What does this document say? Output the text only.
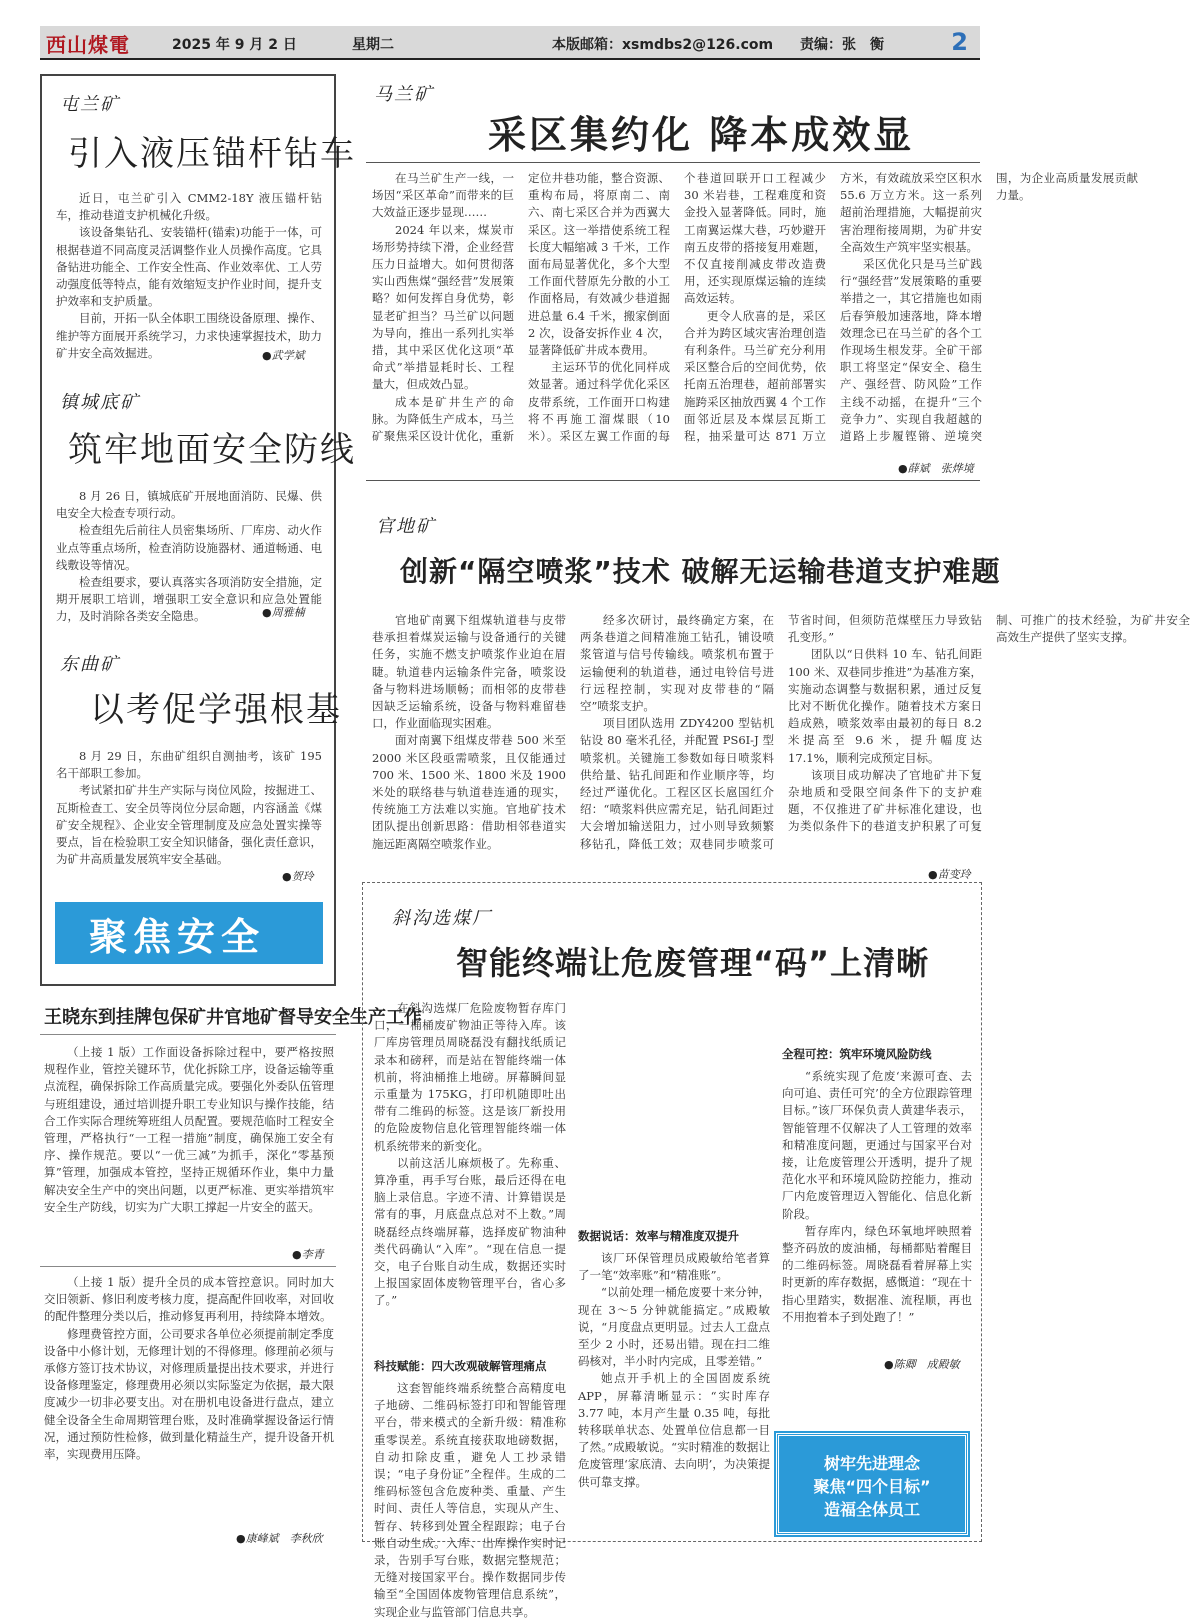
西山煤電	2025 年 9 月 2 日	星期二	本版邮箱：xsmdbs2@126.com 责编：张　衡	2
屯兰矿
引入液压锚杆钻车

近日，屯兰矿引入 CMM2-18Y 液压锚杆钻车，推动巷道支护机械化升级。

该设备集钻孔、安装锚杆(锚索)功能于一体，可根据巷道不同高度灵活调整作业人员操作高度。它具备钻进功能全、工作安全性高、作业效率优、工人劳动强度低等特点，能有效缩短支护作业时间，提升支护效率和支护质量。

目前，开拓一队全体职工围绕设备原理、操作、维护等方面展开系统学习，力求快速掌握技术，助力矿井安全高效掘进。	●武学斌
镇城底矿
筑牢地面安全防线

8 月 26 日，镇城底矿开展地面消防、民爆、供电安全大检查专项行动。

检查组先后前往人员密集场所、厂库房、动火作业点等重点场所，检查消防设施器材、通道畅通、电线敷设等情况。

检查组要求，要认真落实各项消防安全措施，定期开展职工培训，增强职工安全意识和应急处置能力，及时消除各类安全隐患。	●周雅楠
东曲矿
以考促学强根基

8 月 29 日，东曲矿组织自测抽考，该矿 195 名干部职工参加。

考试紧扣矿井生产实际与岗位风险，按掘进工、瓦斯检查工、安全员等岗位分层命题，内容涵盖《煤矿安全规程》、企业安全管理制度及应急处置实操等要点，旨在检验职工安全知识储备，强化责任意识，为矿井高质量发展筑牢安全基础。

●贺玲
聚焦安全
王晓东到挂牌包保矿井官地矿督导安全生产工作

（上接 1 版）工作面设备拆除过程中，要严格按照规程作业，管控关键环节，优化拆除工序，设备运输等重点流程，确保拆除工作高质量完成。要强化外委队伍管理与班组建设，通过培训提升职工专业知识与操作技能，结合工作实际合理统筹班组人员配置。要规范临时工程安全管理，严格执行“一工程一措施”制度，确保施工安全有序、操作规范。要以“一优三减”为抓手，深化“零基预算”管理，加强成本管控，坚持正规循环作业，集中力量解决安全生产中的突出问题，以更严标准、更实举措筑牢安全生产防线，切实为广大职工撑起一片安全的蓝天。

●李青

（上接 1 版）提升全员的成本管控意识。同时加大交旧领新、修旧利废考核力度，提高配件回收率，对回收的配件整理分类以后，推动修复再利用，持续降本增效。

修理费管控方面，公司要求各单位必须提前制定季度设备中小修计划，无修理计划的不得修理。修理前必须与承修方签订技术协议，对修理质量提出技术要求，并进行设备修理鉴定，修理费用必须以实际鉴定为依据，最大限度减少一切非必要支出。对在册机电设备进行盘点，建立健全设备全生命周期管理台账，及时准确掌握设备运行情况，通过预防性检修，做到量化精益生产，提升设备开机率，实现费用压降。

●康峰斌　李秋欣
马兰矿
采区集约化 降本成效显

在马兰矿生产一线，一场因“采区革命”而带来的巨大效益正逐步显现……

2024 年以来，煤炭市场形势持续下滑，企业经营压力日益增大。如何贯彻落实山西焦煤“强经营”发展策略？如何发挥自身优势，彰显老矿担当？马兰矿以问题为导向，推出一系列扎实举措，其中采区优化这项“革命式”举措显耗时长、工程量大，但成效凸显。

成本是矿井生产的命脉。为降低生产成本，马兰矿聚焦采区设计优化，重新定位井巷功能，整合资源、重构布局，将原南二、南六、南七采区合并为西翼大采区。这一举措使系统工程长度大幅缩减 3 千米，工作面布局显著优化，多个大型工作面代替原先分散的小工作面格局，有效减少巷道掘进总量 6.4 千米，搬家倒面 2 次，设备安拆作业 4 次，显著降低矿井成本费用。

主运环节的优化同样成效显著。通过科学优化采区皮带系统，工作面开口构建将不再施工溜煤眼（10 米）。采区左翼工作面的每个巷道回联开口工程减少 30 米岩巷，工程难度和资金投入显著降低。同时，施工南翼运煤大巷，巧妙避开南五皮带的搭接复用难题，不仅直接削减皮带改造费用，还实现原煤运输的连续高效运转。

更令人欣喜的是，采区合并为跨区域灾害治理创造有利条件。马兰矿充分利用采区整合后的空间优势，依托南五治理巷，超前部署实施跨采区抽放西翼 4 个工作面邻近层及本煤层瓦斯工程，抽采量可达 871 万立方米，有效疏放采空区积水 55.6 万立方米。这一系列超前治理措施，大幅提前灾害治理衔接周期，为矿井安全高效生产筑牢坚实根基。

采区优化只是马兰矿践行“强经营”发展策略的重要举措之一，其它措施也如雨后春笋般加速落地，降本增效理念已在马兰矿的各个工作现场生根发芽。全矿干部职工将坚定“保安全、稳生产、强经营、防风险”工作主线不动摇，在提升“三个竞争力”、实现自我超越的道路上步履铿锵、逆境突围，为企业高质量发展贡献力量。

●薛斌　张烨境
官地矿
创新“隔空喷浆”技术 破解无运输巷道支护难题

官地矿南翼下组煤轨道巷与皮带巷承担着煤炭运输与设备通行的关键任务，实施不燃支护喷浆作业迫在眉睫。轨道巷内运输条件完备，喷浆设备与物料进场顺畅；而相邻的皮带巷因缺乏运输系统，设备与物料难留巷口，作业面临现实困难。

面对南翼下组煤皮带巷 500 米至 2000 米区段亟需喷浆，且仅能通过 700 米、1500 米、1800 米及 1900 米处的联络巷与轨道巷连通的现实，传统施工方法难以实施。官地矿技术团队提出创新思路：借助相邻巷道实施远距离隔空喷浆作业。

经多次研讨，最终确定方案，在两条巷道之间精准施工钻孔，铺设喷浆管道与信号传输线。喷浆机布置于运输便利的轨道巷，通过电铃信号进行远程控制，实现对皮带巷的“隔空”喷浆支护。

项目团队选用 ZDY4200 型钻机钻设 80 毫米孔径，并配置 PS6I-J 型喷浆机。关键施工参数如每日喷浆料供给量、钻孔间距和作业顺序等，均经过严谨优化。工程区区长扈国红介绍：“喷浆料供应需充足，钻孔间距过大会增加输送阻力，过小则导致频繁移钻孔，降低工效；双巷同步喷浆可节省时间，但须防范煤壁压力导致钻孔变形。”

团队以“日供料 10 车、钻孔间距 100 米、双巷同步推进”为基准方案，实施动态调整与数据积累，通过反复比对不断优化操作。随着技术方案日趋成熟，喷浆效率由最初的每日 8.2 米提高至 9.6 米，提升幅度达 17.1%，顺利完成预定目标。

该项目成功解决了官地矿井下复杂地质和受限空间条件下的支护难题，不仅推进了矿井标准化建设，也为类似条件下的巷道支护积累了可复制、可推广的技术经验，为矿井安全高效生产提供了坚实支撑。

●苗变玲
斜沟选煤厂
智能终端让危废管理“码”上清晰

在斜沟选煤厂危险废物暂存库门口，一桶桶废矿物油正等待入库。该厂库房管理员周晓磊没有翻找纸质记录本和磅秤，而是站在智能终端一体机前，将油桶推上地磅。屏幕瞬间显示重量为 175KG，打印机随即吐出带有二维码的标签。这是该厂新投用的危险废物信息化管理智能终端一体机系统带来的新变化。

以前这活儿麻烦极了。先称重、算净重，再手写台账，最后还得在电脑上录信息。字迹不清、计算错误是常有的事，月底盘点总对不上数。”周晓磊经点终端屏幕，选择废矿物油种类代码确认“入库”。“现在信息一提交，电子台账自动生成，数据还实时上报国家固体废物管理平台，省心多了。”

科技赋能：四大改观破解管理痛点

这套智能终端系统整合高精度电子地磅、二维码标签打印和智能管理平台，带来模式的全新升级：精准称重零误差。系统直接获取地磅数据，自动扣除皮重，避免人工抄录错误；“电子身份证”全程伴。生成的二维码标签包含危废种类、重量、产生时间、责任人等信息，实现从产生、暂存、转移到处置全程跟踪；电子台账自动生成。入库、出库操作实时记录，告别手写台账，数据完整规范；无缝对接国家平台。操作数据同步传输至“全国固体废物管理信息系统”，实现企业与监管部门信息共享。

数据说话：效率与精准度双提升

该厂环保管理员成殿敏给笔者算了一笔“效率账”和“精准账”。

“以前处理一桶危废要十来分钟，现在 3～5 分钟就能搞定。”成殿敏说，“月度盘点更明显。过去人工盘点至少 2 小时，还易出错。现在扫二维码核对，半小时内完成，且零差错。”

她点开手机上的全国固废系统 APP，屏幕清晰显示：“实时库存 3.77 吨，本月产生量 0.35 吨，每批转移联单状态、处置单位信息都一目了然。”成殿敏说。“实时精准的数据让危废管理‘家底清、去向明’，为决策提供可靠支撑。

全程可控：筑牢环境风险防线

“系统实现了危废‘来源可查、去向可追、责任可究’的全方位跟踪管理目标。”该厂环保负责人黄建华表示，智能管理不仅解决了人工管理的效率和精准度问题，更通过与国家平台对接，让危废管理公开透明，提升了规范化水平和环境风险防控能力，推动厂内危废管理迈入智能化、信息化新阶段。

暂存库内，绿色环氧地坪映照着整齐码放的废油桶，每桶都贴着醒目的二维码标签。周晓磊看着屏幕上实时更新的库存数据，感慨道：“现在十指心里踏实，数据准、流程顺，再也不用抱着本子到处跑了！”

●陈卿　成殿敏
树牢先进理念
聚焦“四个目标”
造福全体员工
